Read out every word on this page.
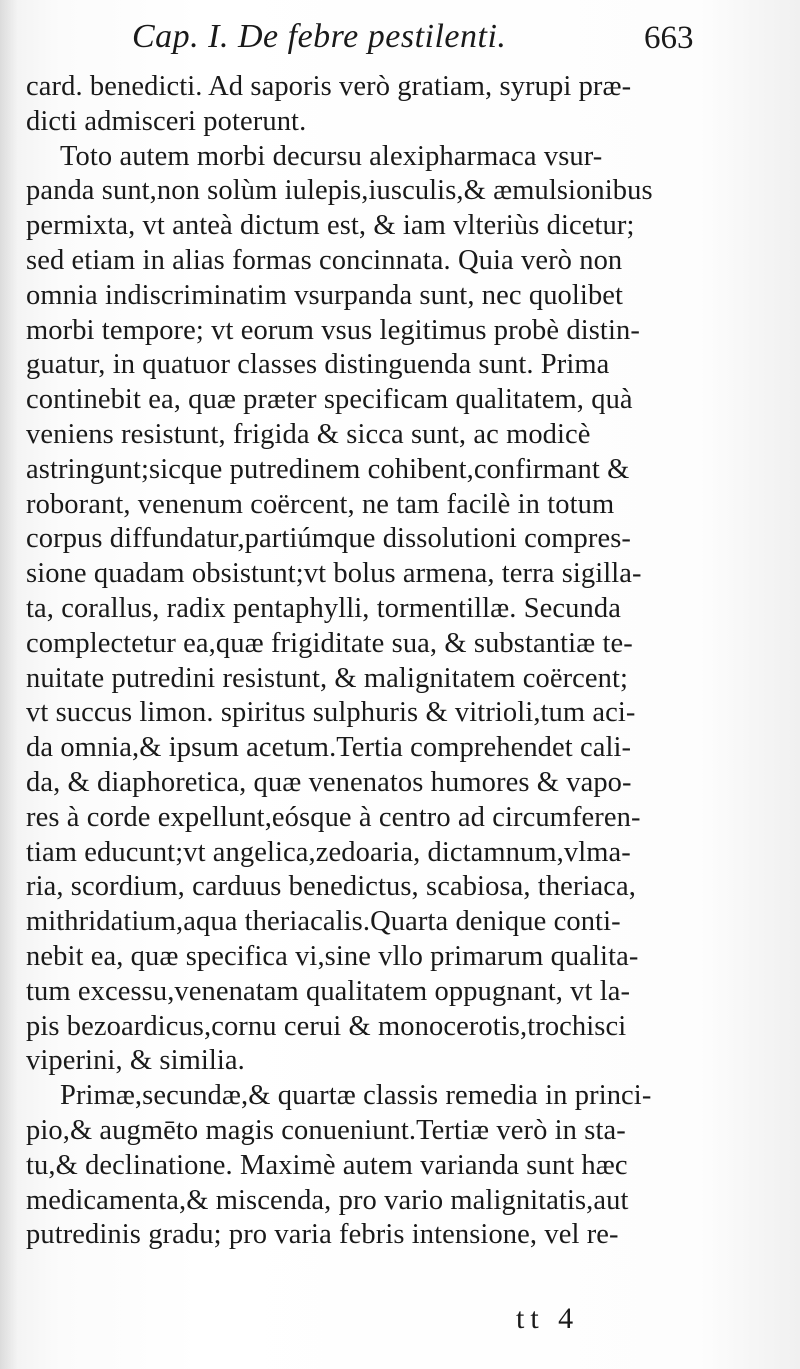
Cap. I. De febre pestilenti.	663
card. benedicti. Ad saporis verò gratiam, syrupi præ-
dicti admisceri poterunt.
Toto autem morbi decursu alexipharmaca vsur-
panda sunt,non solùm iulepis,iusculis,& æmulsionibus
permixta, vt anteà dictum est, & iam vlteriùs dicetur;
sed etiam in alias formas concinnata. Quia verò non
omnia indiscriminatim vsurpanda sunt, nec quolibet
morbi tempore; vt eorum vsus legitimus probè distin-
guatur, in quatuor classes distinguenda sunt. Prima
continebit ea, quæ præter specificam qualitatem, quà
veniens resistunt, frigida & sicca sunt, ac modicè
astringunt;sicque putredinem cohibent,confirmant &
roborant, venenum coërcent, ne tam facilè in totum
corpus diffundatur,partiúmque dissolutioni compres-
sione quadam obsistunt;vt bolus armena, terra sigilla-
ta, corallus, radix pentaphylli, tormentillæ. Secunda
complectetur ea,quæ frigiditate sua, & substantiæ te-
nuitate putredini resistunt, & malignitatem coërcent;
vt succus limon. spiritus sulphuris & vitrioli,tum aci-
da omnia,& ipsum acetum.Tertia comprehendet cali-
da, & diaphoretica, quæ venenatos humores & vapo-
res à corde expellunt,eósque à centro ad circumferen-
tiam educunt;vt angelica,zedoaria, dictamnum,vlma-
ria, scordium, carduus benedictus, scabiosa, theriaca,
mithridatium,aqua theriacalis.Quarta denique conti-
nebit ea, quæ specifica vi,sine vllo primarum qualita-
tum excessu,venenatam qualitatem oppugnant, vt la-
pis bezoardicus,cornu cerui & monocerotis,trochisci
viperini, & similia.
Primæ,secundæ,& quartæ classis remedia in princi-
pio,& augmēto magis conueniunt.Tertiæ verò in sta-
tu,& declinatione. Maximè autem varianda sunt hæc
medicamenta,& miscenda, pro vario malignitatis,aut
putredinis gradu; pro varia febris intensione, vel re-
tt 4
